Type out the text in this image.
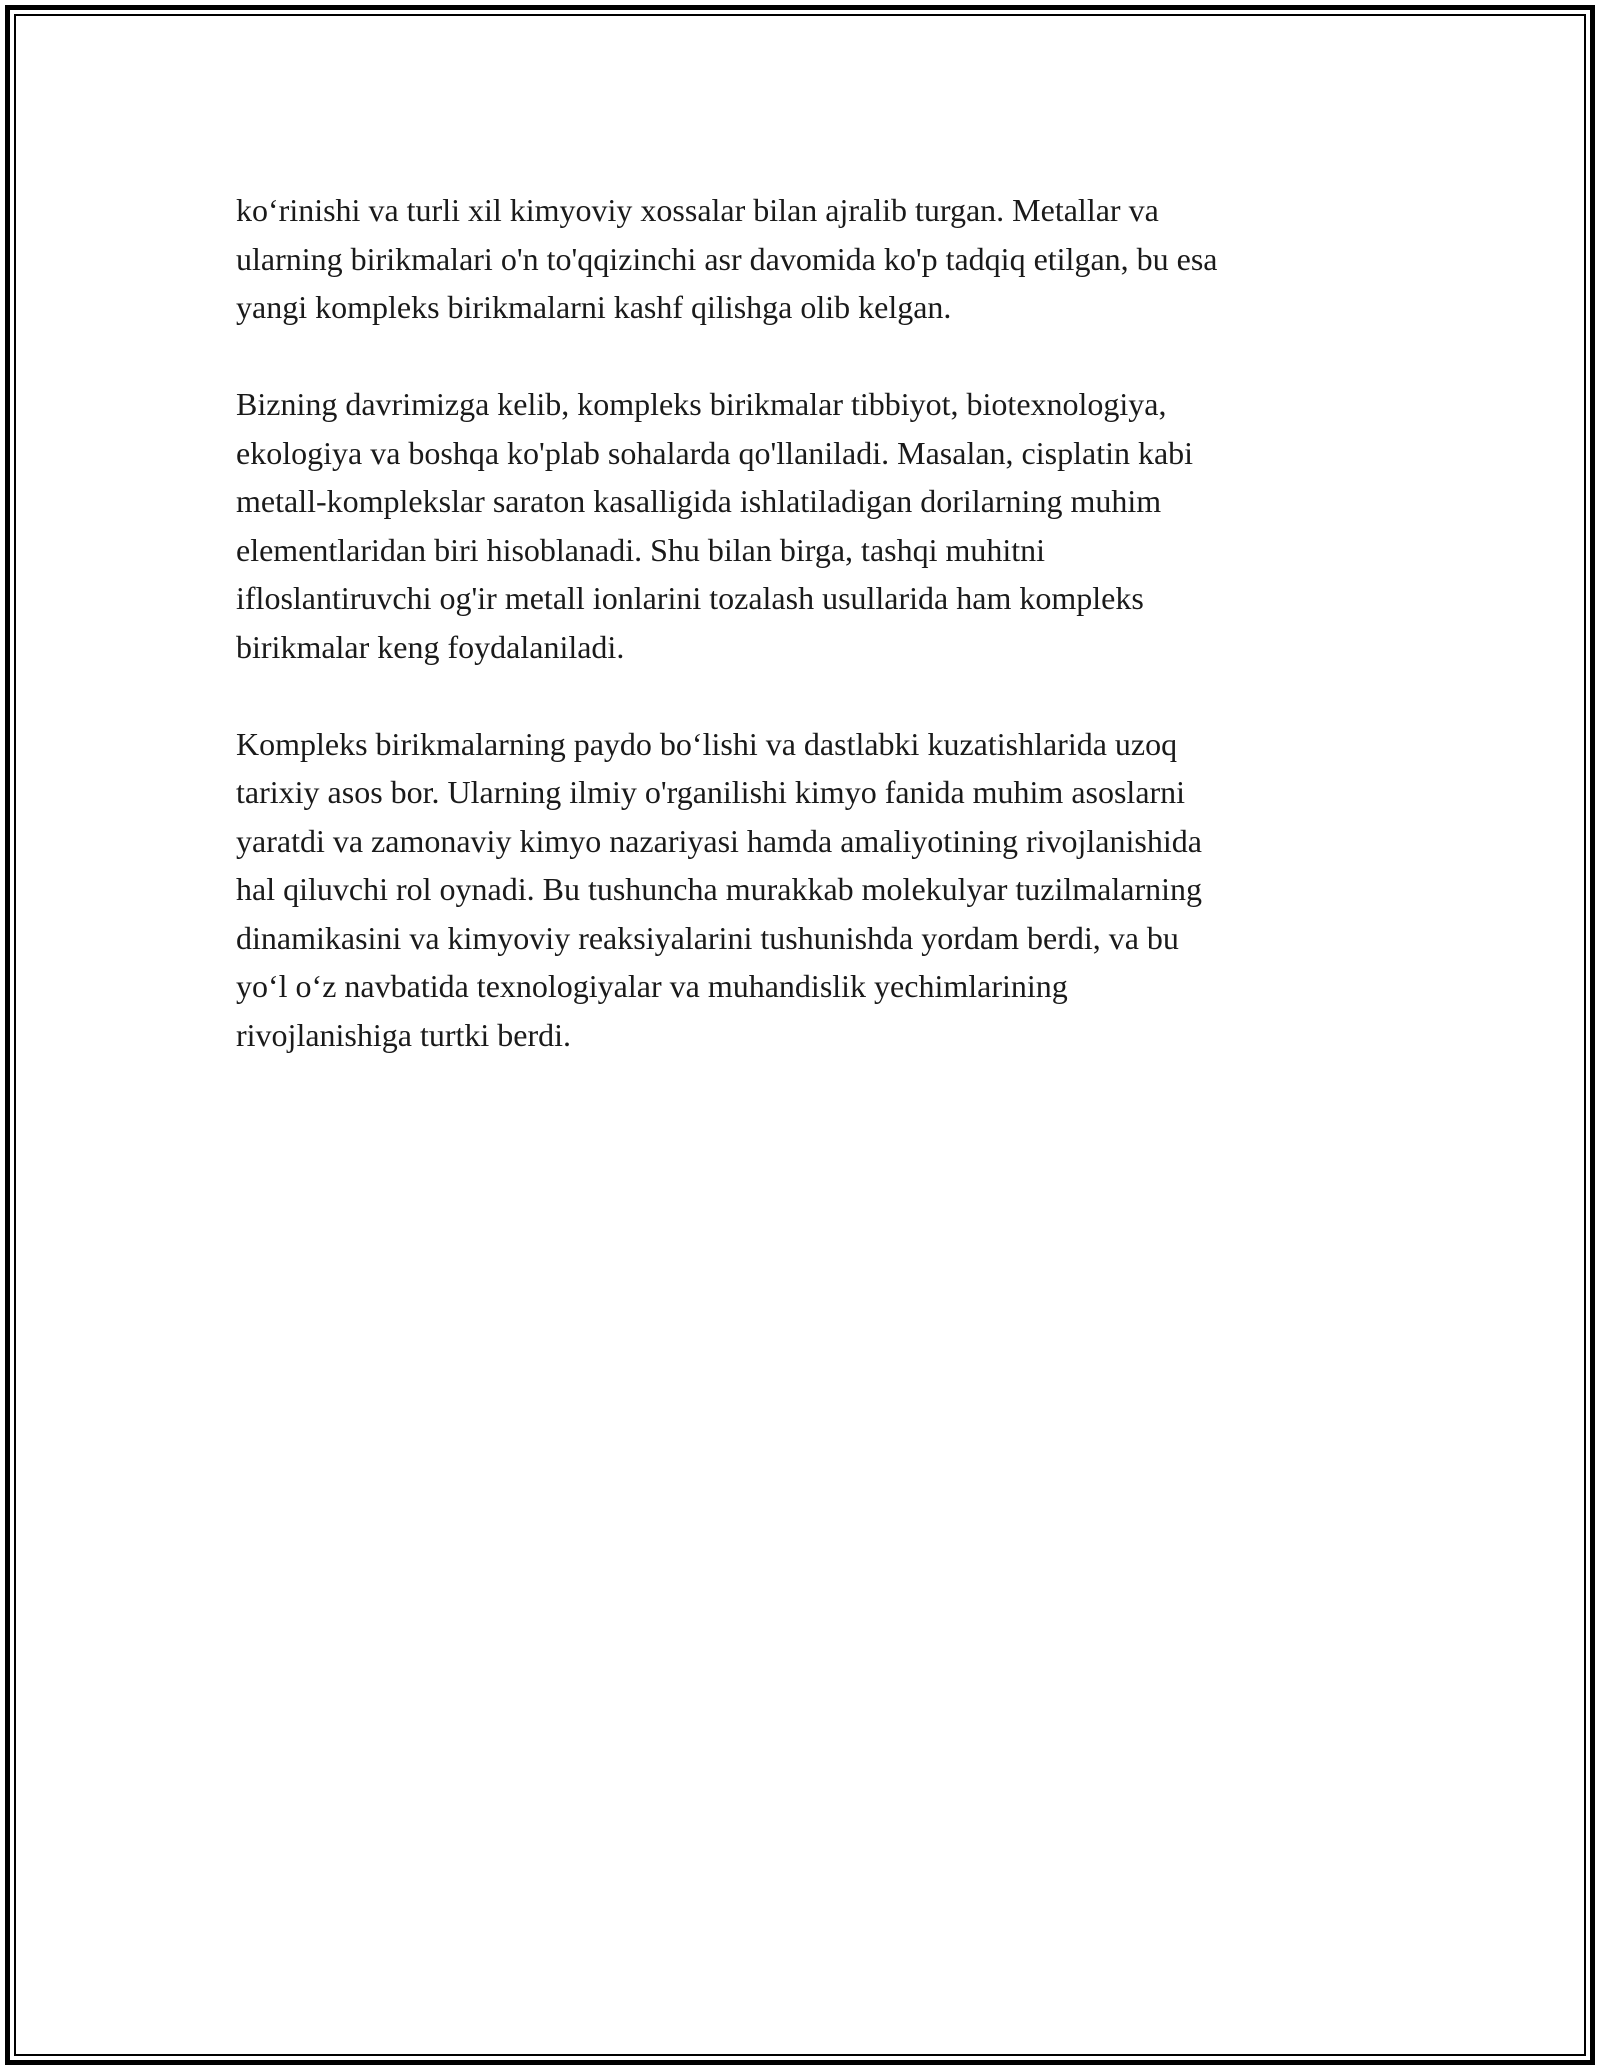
ko‘rinishi va turli xil kimyoviy xossalar bilan ajralib turgan. Metallar va
ularning birikmalari o'n to'qqizinchi asr davomida ko'p tadqiq etilgan, bu esa
yangi kompleks birikmalarni kashf qilishga olib kelgan.

Bizning davrimizga kelib, kompleks birikmalar tibbiyot, biotexnologiya,
ekologiya va boshqa ko'plab sohalarda qo'llaniladi. Masalan, cisplatin kabi
metall-komplekslar saraton kasalligida ishlatiladigan dorilarning muhim
elementlaridan biri hisoblanadi. Shu bilan birga, tashqi muhitni
ifloslantiruvchi og'ir metall ionlarini tozalash usullarida ham kompleks
birikmalar keng foydalaniladi.

Kompleks birikmalarning paydo bo‘lishi va dastlabki kuzatishlarida uzoq
tarixiy asos bor. Ularning ilmiy o'rganilishi kimyo fanida muhim asoslarni
yaratdi va zamonaviy kimyo nazariyasi hamda amaliyotining rivojlanishida
hal qiluvchi rol oynadi. Bu tushuncha murakkab molekulyar tuzilmalarning
dinamikasini va kimyoviy reaksiyalarini tushunishda yordam berdi, va bu
yo‘l o‘z navbatida texnologiyalar va muhandislik yechimlarining
rivojlanishiga turtki berdi.
